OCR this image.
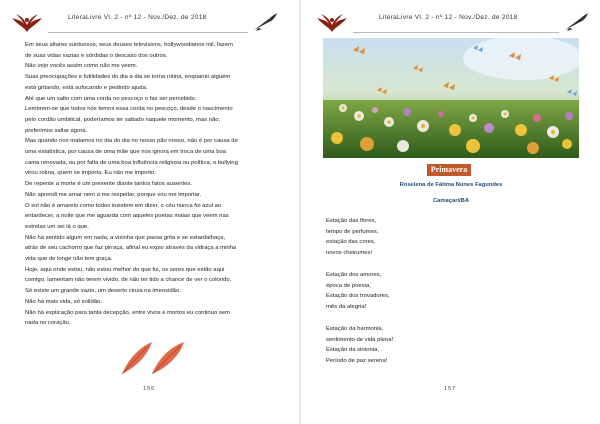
LiteraLivre Vl. 2 - nº 12 - Nov./Dez. de 2018
Em seus altares suntuosos, seus deuses televisivos, hollywoodianos mil, fazem
de suas vidas vazias e sórdidas o descaso dos outros.
Não vejo vocês assim como não me veem.
Suas preocupações e futilidades do dia a dia se torna rotina, enquanto alguém
está gritando, está sufocando e pedindo ajuda.
Até que um salto com uma corda no pescoço o faz ser percebido.
Lembrem-se que todos nós temos essa corda no pescoço, desde o nascimento
pelo cordão umbilical, poderíamos ter saltado naquele momento, mas não,
preferimos saltar agora.
Mas quando nos matamos no dia do dia no nosso pão nosso, não é por causa de
uma estatística, por causa de uma mãe que nos ignora em troca de uma boa
cama renovada, ou por falta de uma boa influência religiosa ou política, o bullying
virou rotina, quem se importa. Eu não me importo.
De repente a morte é um presente diante tantos fatos ausentes.
Não aprendi me amar nem a me respeitar, porque vou me importar.
O sol não é amarelo como todos insistem em dizer, o céu nunca foi azul ao
entardecer, a noite que me aguarda com aqueles poetas maias que veem nas
estrelas um sei lá o que.
Não há sentido algum em nada, a vizinha que passa grita e se estardalhaça,
atrás de seu cachorro que faz pirraça, afinal eu expio através da vidraça a minha
vida que de longe não tem graça.
Hoje, aqui onde estou, não estou melhor do que fui, os seres que estão aqui
comigo, lamentam não terem vivido, de não ter tido a chance de ver o colorido.
Só existe um grande vazio, um deserto cinza na imensidão.
Não há mais vida, só solidão.
Não há explicação para tanta decepção, entre vivos e mortos eu continuo sem
nada no coração.
156
LiteraLivre Vl. 2 - nº 12 - Nov./Dez. de 2018
Primavera
Roselena de Fátima Nunes Fagundes
Camaçari/BA
Estação das flores,
tempo de perfumes,
estação das cores,
novos cheirumes!
Estação dos amores,
época de poesia,
Estação dos trovadores,
mês da alegria!
Estação da harmonia,
sentimento de vida plena!
Estação da sintonia,
Período de paz serena!
157
